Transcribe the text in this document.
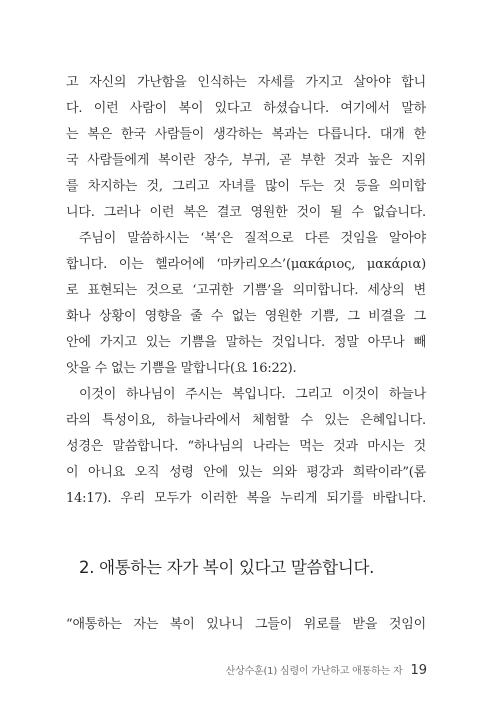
고 자신의 가난함을 인식하는 자세를 가지고 살아야 합니
다. 이런 사람이 복이 있다고 하셨습니다. 여기에서 말하
는 복은 한국 사람들이 생각하는 복과는 다릅니다. 대개 한
국 사람들에게 복이란 장수, 부귀, 곧 부한 것과 높은 지위
를 차지하는 것, 그리고 자녀를 많이 두는 것 등을 의미합
니다. 그러나 이런 복은 결코 영원한 것이 될 수 없습니다.
주님이 말씀하시는 ‘복’은 질적으로 다른 것임을 알아야
합니다. 이는 헬라어에 ‘마카리오스’(μακάριος, μακάρια)
로 표현되는 것으로 ‘고귀한 기쁨’을 의미합니다. 세상의 변
화나 상황이 영향을 줄 수 없는 영원한 기쁨, 그 비결을 그
안에 가지고 있는 기쁨을 말하는 것입니다. 정말 아무나 빼
앗을 수 없는 기쁨을 말합니다(요 16:22).
이것이 하나님이 주시는 복입니다. 그리고 이것이 하늘나
라의 특성이요, 하늘나라에서 체험할 수 있는 은혜입니다.
성경은 말씀합니다. “하나님의 나라는 먹는 것과 마시는 것
이 아니요 오직 성령 안에 있는 의와 평강과 희락이라”(롬
14:17). 우리 모두가 이러한 복을 누리게 되기를 바랍니다.
2. 애통하는 자가 복이 있다고 말씀합니다.
“애통하는 자는 복이 있나니 그들이 위로를 받을 것임이
산상수훈(1) 심령이 가난하고 애통하는 자 19
